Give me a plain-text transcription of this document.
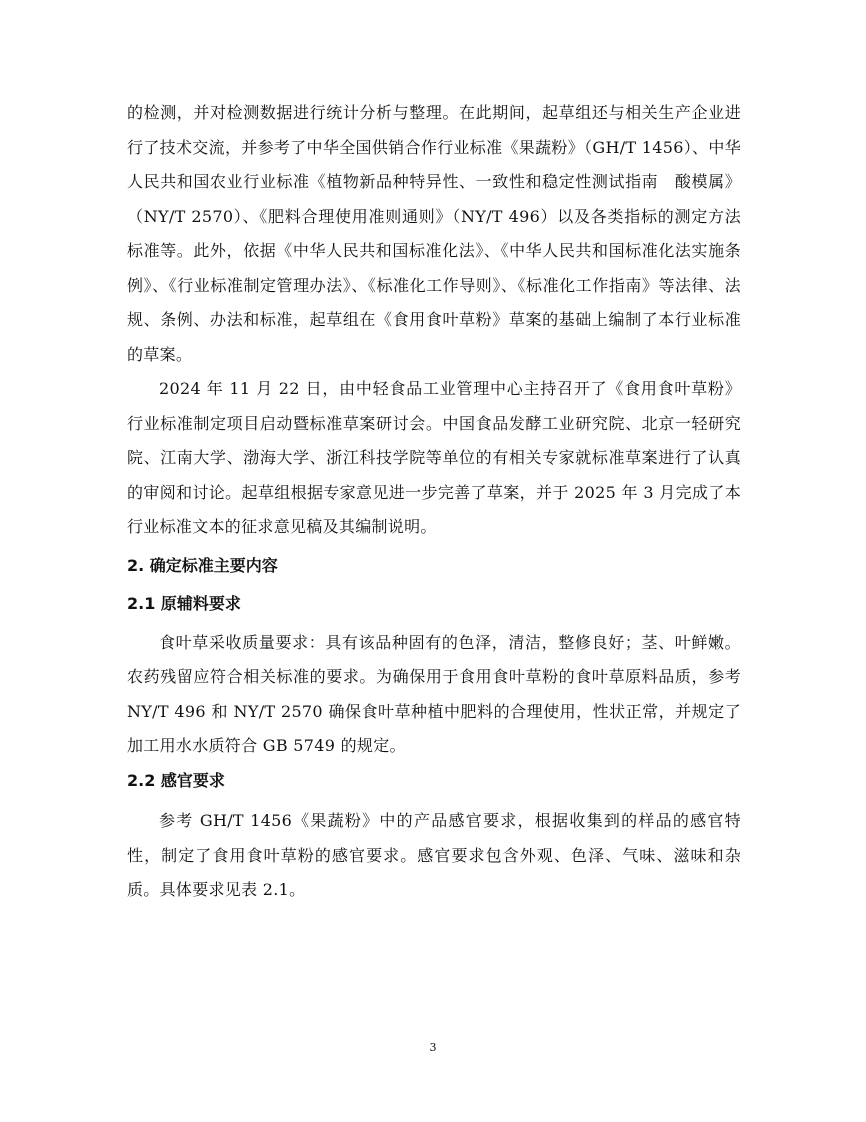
的检测，并对检测数据进行统计分析与整理。在此期间，起草组还与相关生产企业进行了技术交流，并参考了中华全国供销合作行业标准《果蔬粉》（GH/T 1456）、中华人民共和国农业行业标准《植物新品种特异性、一致性和稳定性测试指南　酸模属》（NY/T 2570）、《肥料合理使用准则通则》（NY/T 496）以及各类指标的测定方法标准等。此外，依据《中华人民共和国标准化法》、《中华人民共和国标准化法实施条例》、《行业标准制定管理办法》、《标准化工作导则》、《标准化工作指南》等法律、法规、条例、办法和标准，起草组在《食用食叶草粉》草案的基础上编制了本行业标准的草案。

2024 年 11 月 22 日，由中轻食品工业管理中心主持召开了《食用食叶草粉》行业标准制定项目启动暨标准草案研讨会。中国食品发酵工业研究院、北京一轻研究院、江南大学、渤海大学、浙江科技学院等单位的有相关专家就标准草案进行了认真的审阅和讨论。起草组根据专家意见进一步完善了草案，并于 2025 年 3 月完成了本行业标准文本的征求意见稿及其编制说明。

2. 确定标准主要内容
2.1 原辅料要求

食叶草采收质量要求：具有该品种固有的色泽，清洁，整修良好；茎、叶鲜嫩。农药残留应符合相关标准的要求。为确保用于食用食叶草粉的食叶草原料品质，参考 NY/T 496 和 NY/T 2570 确保食叶草种植中肥料的合理使用，性状正常，并规定了加工用水水质符合 GB 5749 的规定。

2.2 感官要求

参考 GH/T 1456《果蔬粉》中的产品感官要求，根据收集到的样品的感官特性，制定了食用食叶草粉的感官要求。感官要求包含外观、色泽、气味、滋味和杂质。具体要求见表 2.1。

3
